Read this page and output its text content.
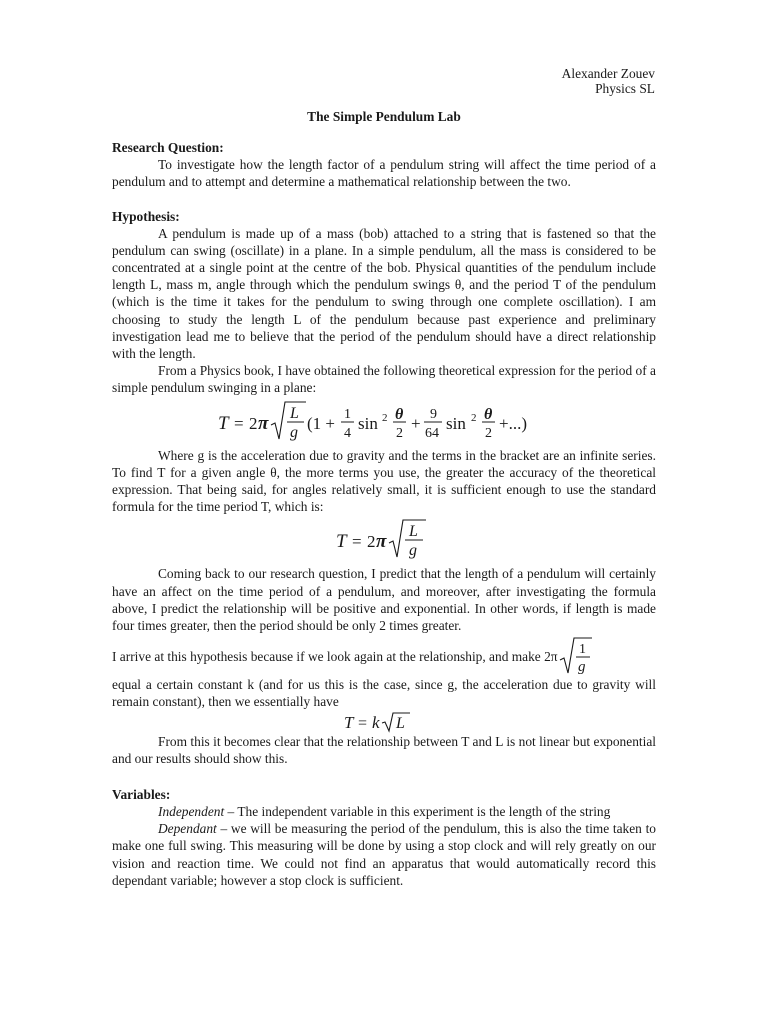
Alexander Zouev
Physics SL
The Simple Pendulum Lab
Research Question:

To investigate how the length factor of a pendulum string will affect the time period of a pendulum and to attempt and determine a mathematical relationship between the two.

Hypothesis:

A pendulum is made up of a mass (bob) attached to a string that is fastened so that the pendulum can swing (oscillate) in a plane. In a simple pendulum, all the mass is considered to be concentrated at a single point at the centre of the bob. Physical quantities of the pendulum include length L, mass m, angle through which the pendulum swings θ, and the period T of the pendulum (which is the time it takes for the pendulum to swing through one complete oscillation). I am choosing to study the length L of the pendulum because past experience and preliminary investigation lead me to believe that the period of the pendulum should have a direct relationship with the length.

From a Physics book, I have obtained the following theoretical expression for the period of a simple pendulum swinging in a plane:

T = 2 π L
g (1 + 1
4
sin 2 θ
2
+ 9
64
sin 2 θ
2
+...)

Where g is the acceleration due to gravity and the terms in the bracket are an infinite series. To find T for a given angle θ, the more terms you use, the greater the accuracy of the theoretical expression. That being said, for angles relatively small, it is sufficient enough to use the standard formula for the time period T, which is:

T = 2 π L
g

Coming back to our research question, I predict that the length of a pendulum will certainly have an affect on the time period of a pendulum, and moreover, after investigating the formula above, I predict the relationship will be positive and exponential. In other words, if length is made four times greater, then the period should be only 2 times greater.

I arrive at this hypothesis because if we look again at the relationship, and make 2π 1
g

equal a certain constant k (and for us this is the case, since g, the acceleration due to gravity will remain constant), then we essentially have

T = k L

From this it becomes clear that the relationship between T and L is not linear but exponential and our results should show this.

Variables:

Independent – The independent variable in this experiment is the length of the string

Dependant – we will be measuring the period of the pendulum, this is also the time taken to make one full swing. This measuring will be done by using a stop clock and will rely greatly on our vision and reaction time. We could not find an apparatus that would automatically record this dependant variable; however a stop clock is sufficient.
